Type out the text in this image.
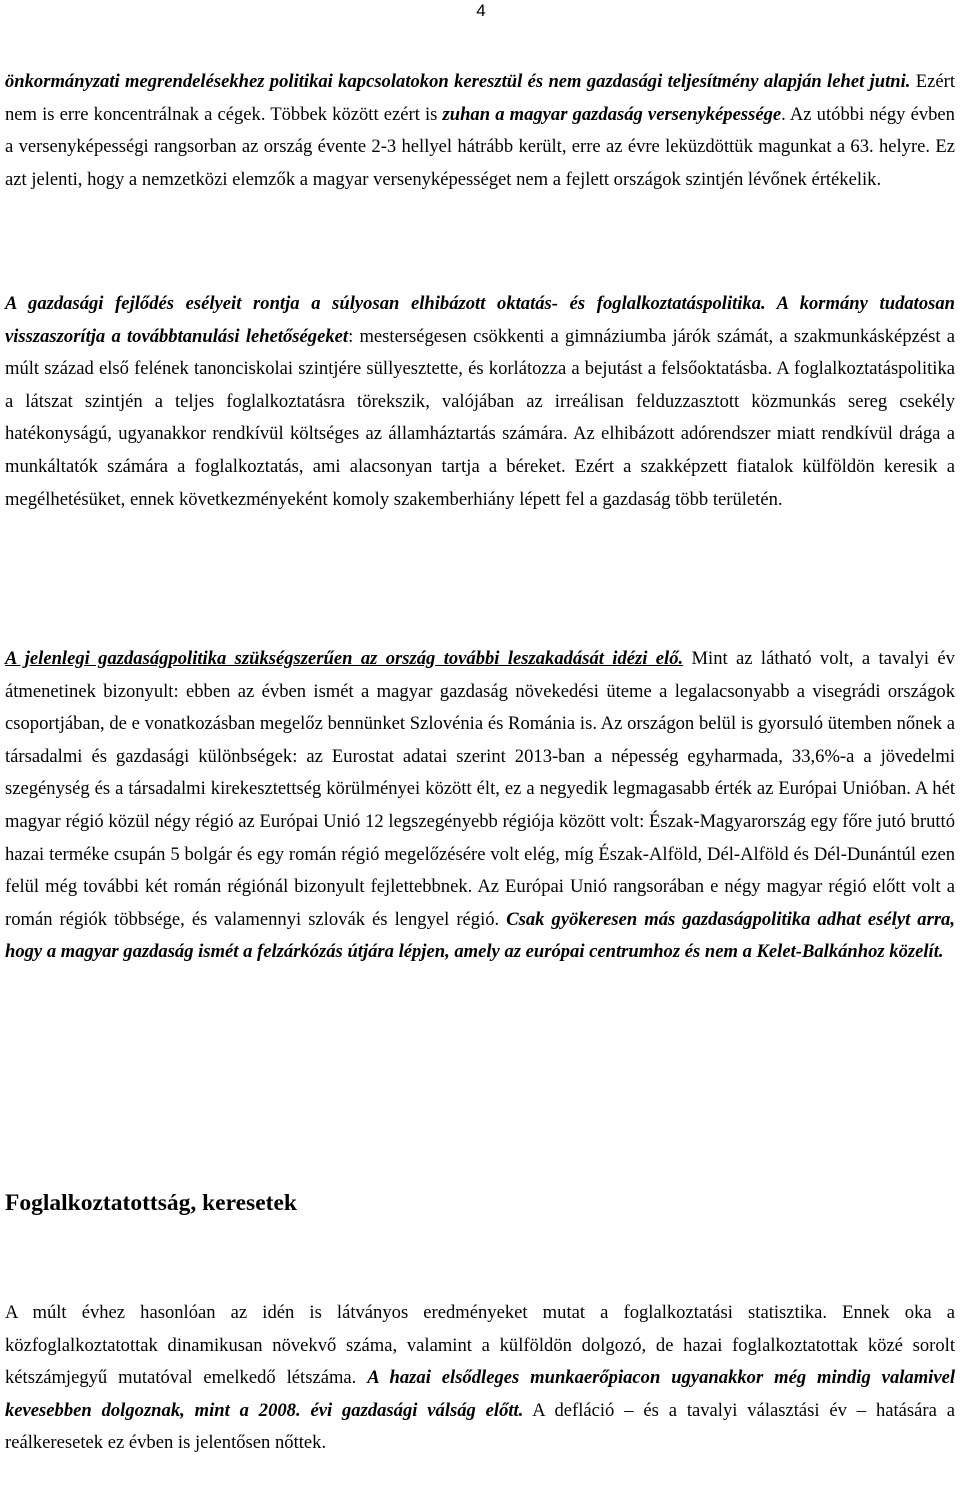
4

önkormányzati megrendelésekhez politikai kapcsolatokon keresztül és nem gazdasági teljesítmény alapján lehet jutni. Ezért nem is erre koncentrálnak a cégek. Többek között ezért is zuhan a magyar gazdaság versenyképessége. Az utóbbi négy évben a versenyképességi rangsorban az ország évente 2-3 hellyel hátrább került, erre az évre leküzdöttük magunkat a 63. helyre. Ez azt jelenti, hogy a nemzetközi elemzők a magyar versenyképességet nem a fejlett országok szintjén lévőnek értékelik.

A gazdasági fejlődés esélyeit rontja a súlyosan elhibázott oktatás- és foglalkoztatáspolitika. A kormány tudatosan visszaszorítja a továbbtanulási lehetőségeket: mesterségesen csökkenti a gimnáziumba járók számát, a szakmunkásképzést a múlt század első felének tanonciskolai szintjére süllyesztette, és korlátozza a bejutást a felsőoktatásba. A foglalkoztatáspolitika a látszat szintjén a teljes foglalkoztatásra törekszik, valójában az irreálisan felduzzasztott közmunkás sereg csekély hatékonyságú, ugyanakkor rendkívül költséges az államháztartás számára. Az elhibázott adórendszer miatt rendkívül drága a munkáltatók számára a foglalkoztatás, ami alacsonyan tartja a béreket. Ezért a szakképzett fiatalok külföldön keresik a megélhetésüket, ennek következményeként komoly szakemberhiány lépett fel a gazdaság több területén.

A jelenlegi gazdaságpolitika szükségszerűen az ország további leszakadását idézi elő. Mint az látható volt, a tavalyi év átmenetinek bizonyult: ebben az évben ismét a magyar gazdaság növekedési üteme a legalacsonyabb a visegrádi országok csoportjában, de e vonatkozásban megelőz bennünket Szlovénia és Románia is. Az országon belül is gyorsuló ütemben nőnek a társadalmi és gazdasági különbségek: az Eurostat adatai szerint 2013-ban a népesség egyharmada, 33,6%-a a jövedelmi szegénység és a társadalmi kirekesztettség körülményei között élt, ez a negyedik legmagasabb érték az Európai Unióban. A hét magyar régió közül négy régió az Európai Unió 12 legszegényebb régiója között volt: Észak-Magyarország egy főre jutó bruttó hazai terméke csupán 5 bolgár és egy román régió megelőzésére volt elég, míg Észak-Alföld, Dél-Alföld és Dél-Dunántúl ezen felül még további két román régiónál bizonyult fejlettebbnek. Az Európai Unió rangsorában e négy magyar régió előtt volt a román régiók többsége, és valamennyi szlovák és lengyel régió. Csak gyökeresen más gazdaságpolitika adhat esélyt arra, hogy a magyar gazdaság ismét a felzárkózás útjára lépjen, amely az európai centrumhoz és nem a Kelet-Balkánhoz közelít.

Foglalkoztatottság, keresetek

A múlt évhez hasonlóan az idén is látványos eredményeket mutat a foglalkoztatási statisztika. Ennek oka a közfoglalkoztatottak dinamikusan növekvő száma, valamint a külföldön dolgozó, de hazai foglalkoztatottak közé sorolt kétszámjegyű mutatóval emelkedő létszáma. A hazai elsődleges munkaerőpiacon ugyanakkor még mindig valamivel kevesebben dolgoznak, mint a 2008. évi gazdasági válság előtt. A defláció – és a tavalyi választási év – hatására a reálkeresetek ez évben is jelentősen nőttek.
